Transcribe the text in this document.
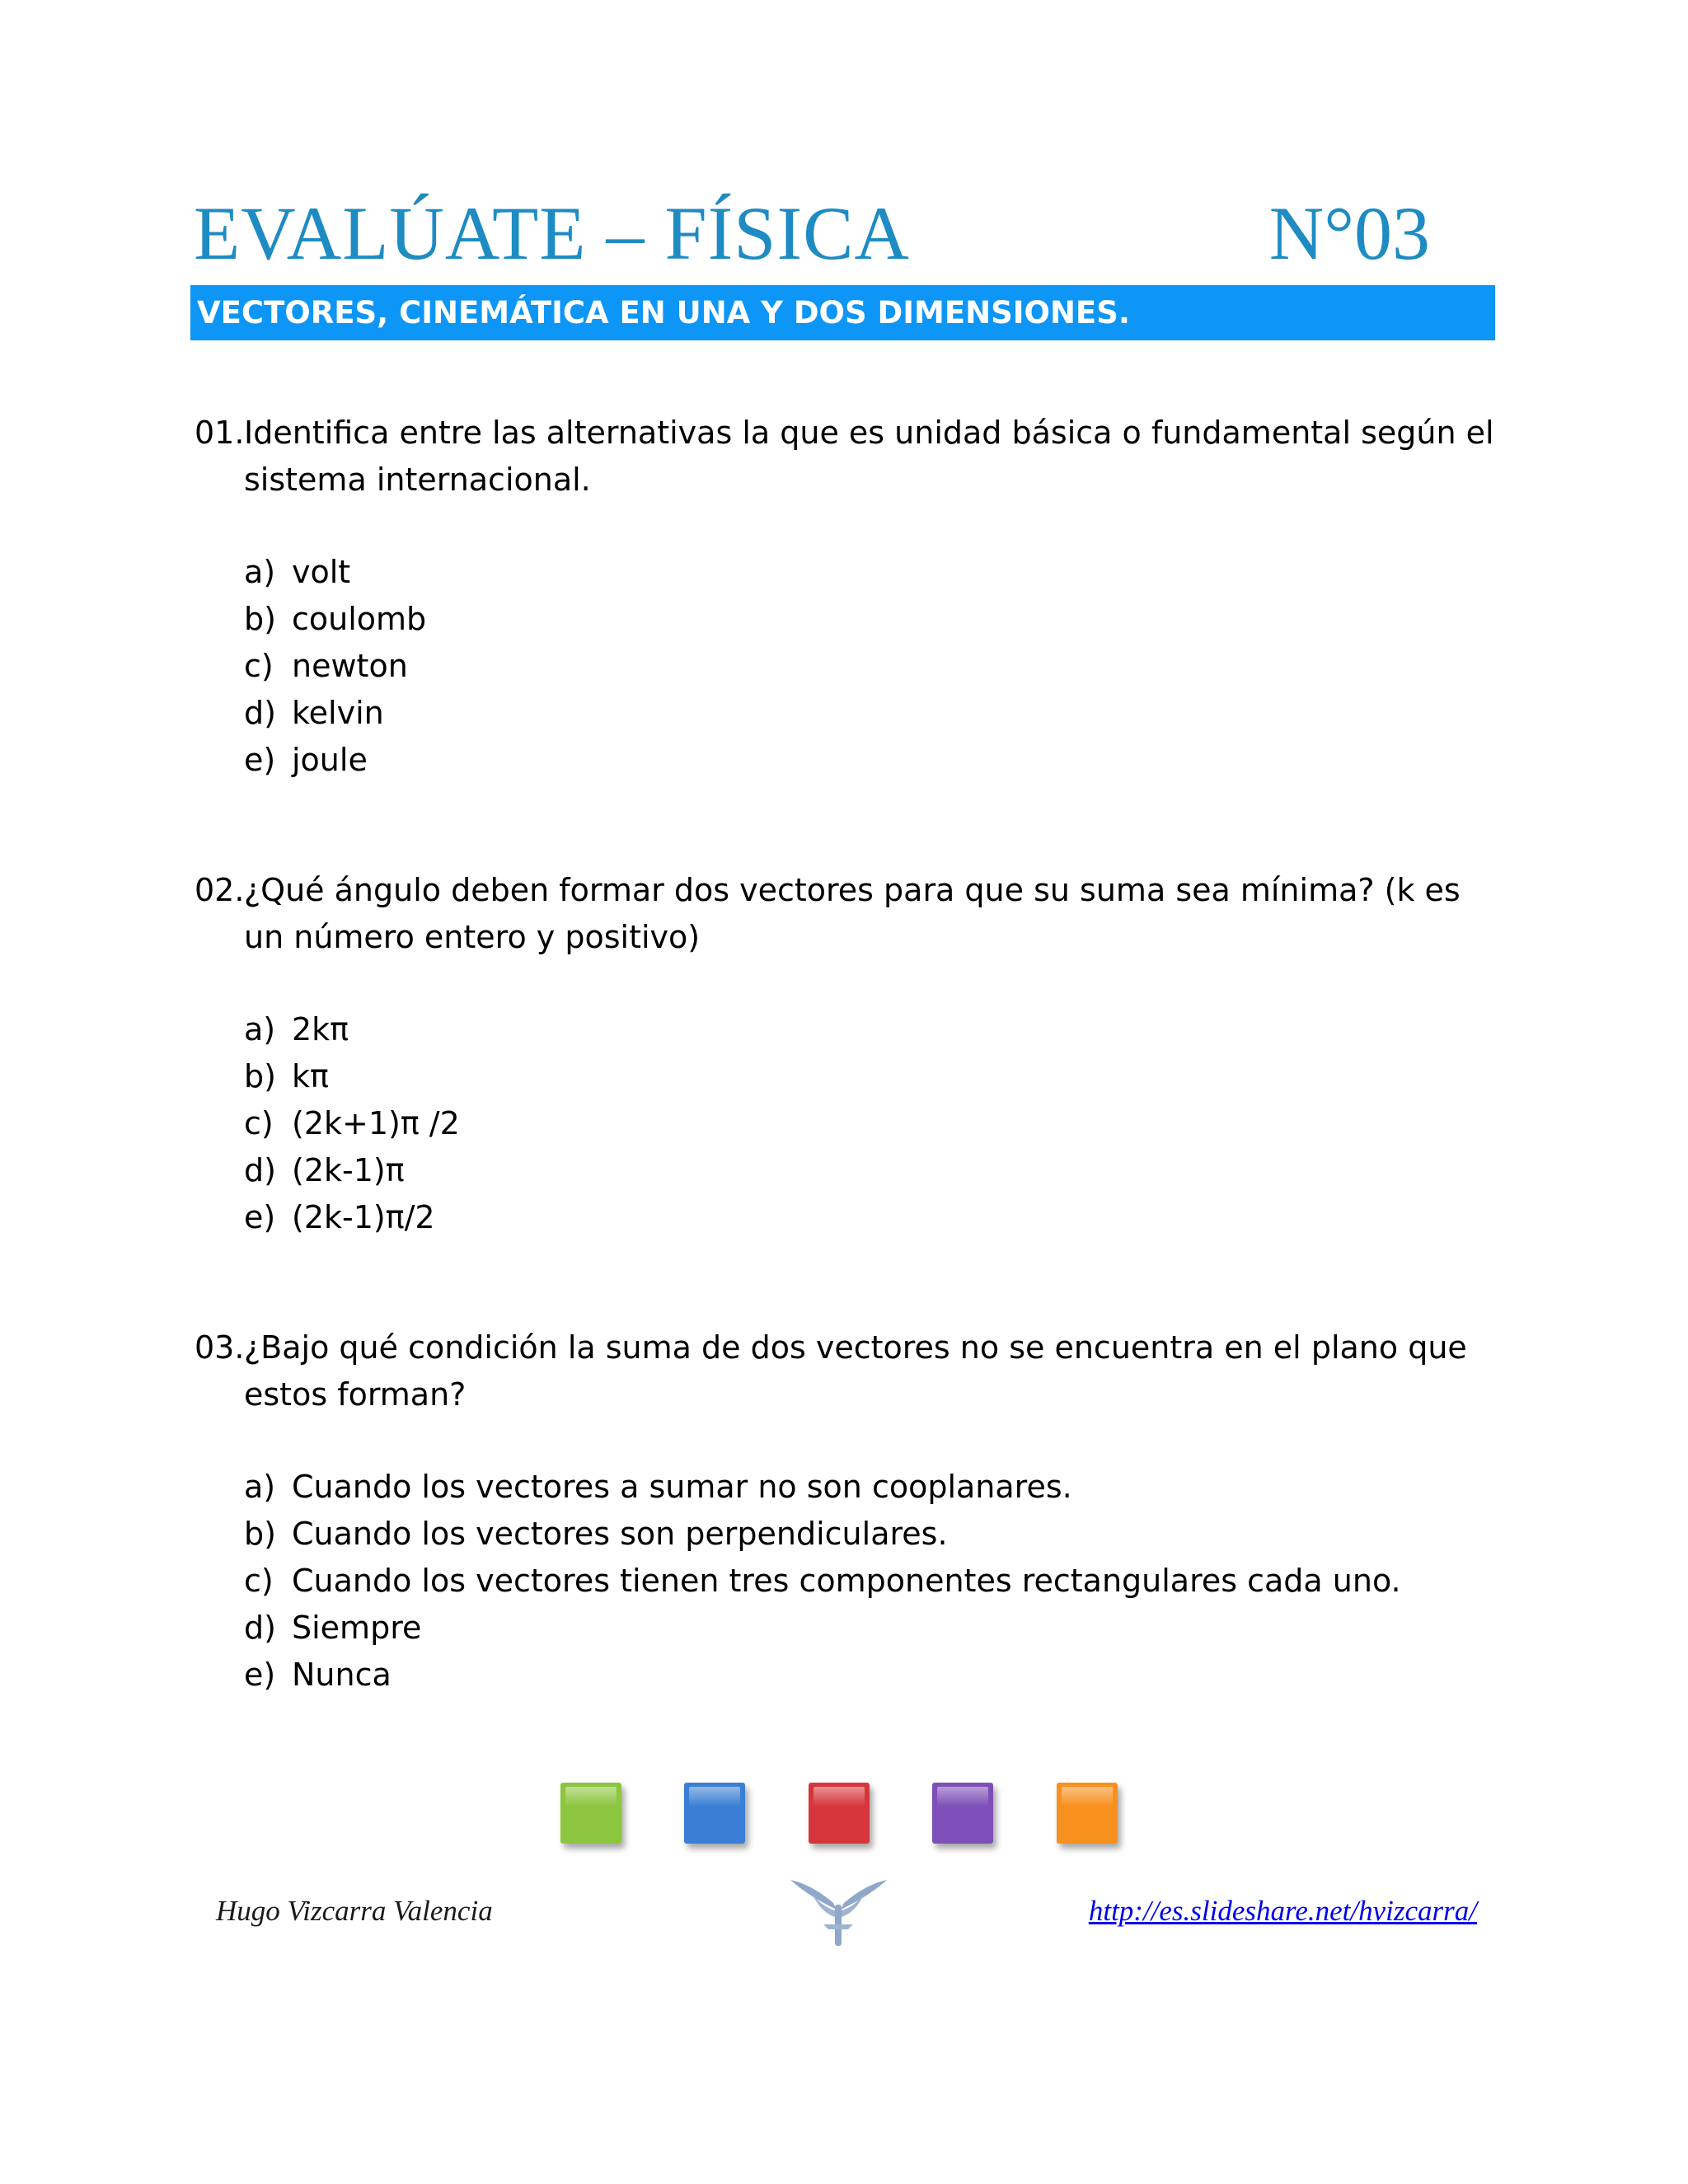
EVALÚATE – FÍSICA	N°03
VECTORES, CINEMÁTICA EN UNA Y DOS DIMENSIONES.
01. Identifica entre las alternativas la que es unidad básica o fundamental según el sistema internacional.
a) volt
b) coulomb
c) newton
d) kelvin
e) joule
02. ¿Qué ángulo deben formar dos vectores para que su suma sea mínima? (k es un número entero y positivo)
a) 2kπ
b) kπ
c) (2k+1)π /2
d) (2k-1)π
e) (2k-1)π/2
03. ¿Bajo qué condición la suma de dos vectores no se encuentra en el plano que estos forman?
a) Cuando los vectores a sumar no son cooplanares.
b) Cuando los vectores son perpendiculares.
c) Cuando los vectores tienen tres componentes rectangulares cada uno.
d) Siempre
e) Nunca
Hugo Vizcarra Valencia	http://es.slideshare.net/hvizcarra/
